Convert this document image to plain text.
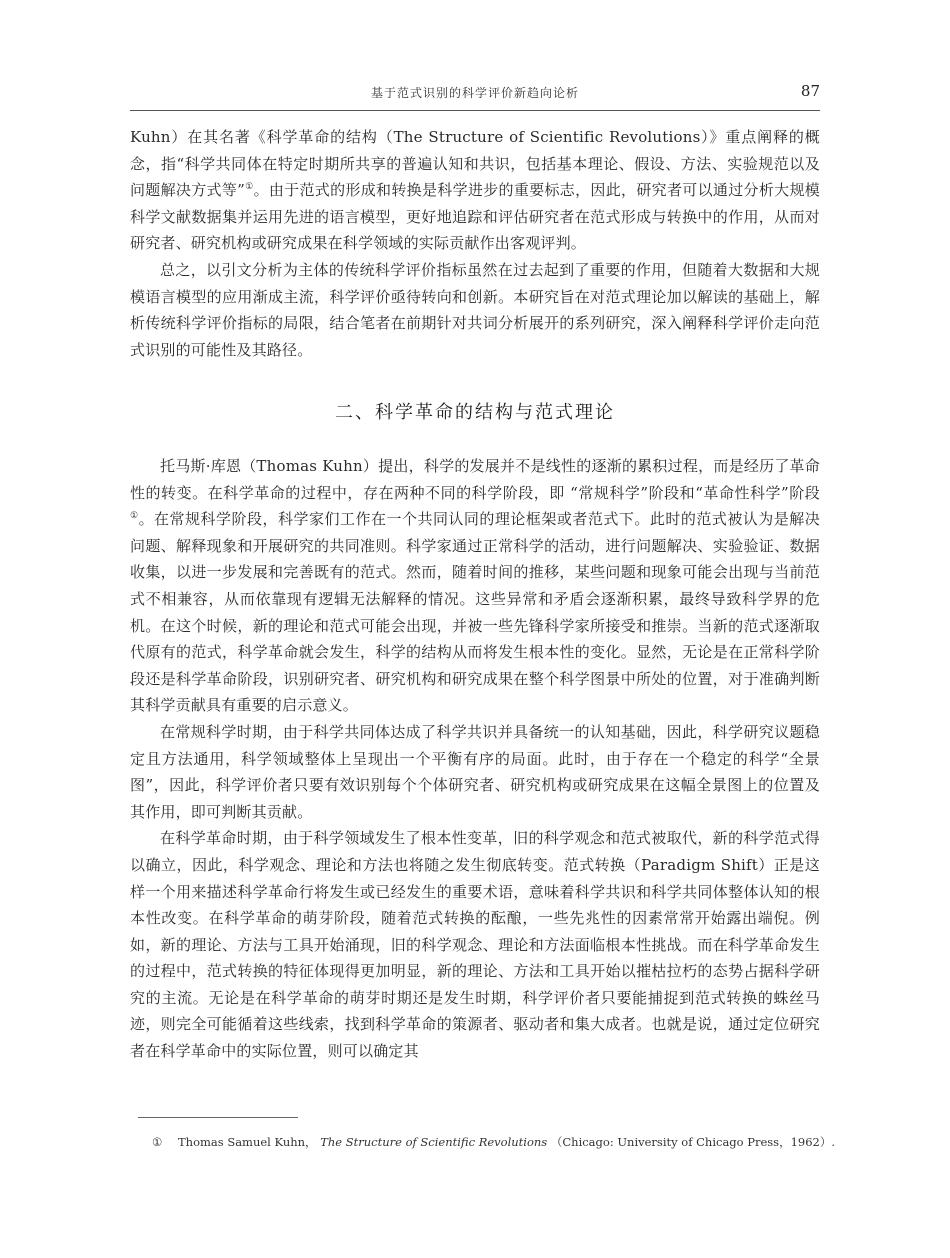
基于范式识别的科学评价新趋向论析	87

Kuhn）在其名著《科学革命的结构（The Structure of Scientific Revolutions）》重点阐释的概念，指“科学共同体在特定时期所共享的普遍认知和共识，包括基本理论、假设、方法、实验规范以及问题解决方式等”①。由于范式的形成和转换是科学进步的重要标志，因此，研究者可以通过分析大规模科学文献数据集并运用先进的语言模型，更好地追踪和评估研究者在范式形成与转换中的作用，从而对研究者、研究机构或研究成果在科学领域的实际贡献作出客观评判。

总之，以引文分析为主体的传统科学评价指标虽然在过去起到了重要的作用，但随着大数据和大规模语言模型的应用渐成主流，科学评价亟待转向和创新。本研究旨在对范式理论加以解读的基础上，解析传统科学评价指标的局限，结合笔者在前期针对共词分析展开的系列研究，深入阐释科学评价走向范式识别的可能性及其路径。

二、科学革命的结构与范式理论

托马斯·库恩（Thomas Kuhn）提出，科学的发展并不是线性的逐渐的累积过程，而是经历了革命性的转变。在科学革命的过程中，存在两种不同的科学阶段，即 “常规科学”阶段和“革命性科学”阶段①。在常规科学阶段，科学家们工作在一个共同认同的理论框架或者范式下。此时的范式被认为是解决问题、解释现象和开展研究的共同准则。科学家通过正常科学的活动，进行问题解决、实验验证、数据收集，以进一步发展和完善既有的范式。然而，随着时间的推移，某些问题和现象可能会出现与当前范式不相兼容，从而依靠现有逻辑无法解释的情况。这些异常和矛盾会逐渐积累，最终导致科学界的危机。在这个时候，新的理论和范式可能会出现，并被一些先锋科学家所接受和推崇。当新的范式逐渐取代原有的范式，科学革命就会发生，科学的结构从而将发生根本性的变化。显然，无论是在正常科学阶段还是科学革命阶段，识别研究者、研究机构和研究成果在整个科学图景中所处的位置，对于准确判断其科学贡献具有重要的启示意义。

在常规科学时期，由于科学共同体达成了科学共识并具备统一的认知基础，因此，科学研究议题稳定且方法通用，科学领域整体上呈现出一个平衡有序的局面。此时，由于存在一个稳定的科学“全景图”，因此，科学评价者只要有效识别每个个体研究者、研究机构或研究成果在这幅全景图上的位置及其作用，即可判断其贡献。

在科学革命时期，由于科学领域发生了根本性变革，旧的科学观念和范式被取代，新的科学范式得以确立，因此，科学观念、理论和方法也将随之发生彻底转变。范式转换（Paradigm Shift）正是这样一个用来描述科学革命行将发生或已经发生的重要术语，意味着科学共识和科学共同体整体认知的根本性改变。在科学革命的萌芽阶段，随着范式转换的酝酿，一些先兆性的因素常常开始露出端倪。例如，新的理论、方法与工具开始涌现，旧的科学观念、理论和方法面临根本性挑战。而在科学革命发生的过程中，范式转换的特征体现得更加明显，新的理论、方法和工具开始以摧枯拉朽的态势占据科学研究的主流。无论是在科学革命的萌芽时期还是发生时期，科学评价者只要能捕捉到范式转换的蛛丝马迹，则完全可能循着这些线索，找到科学革命的策源者、驱动者和集大成者。也就是说，通过定位研究者在科学革命中的实际位置，则可以确定其

① Thomas Samuel Kuhn， The Structure of Scientific Revolutions （Chicago: University of Chicago Press，1962）.
